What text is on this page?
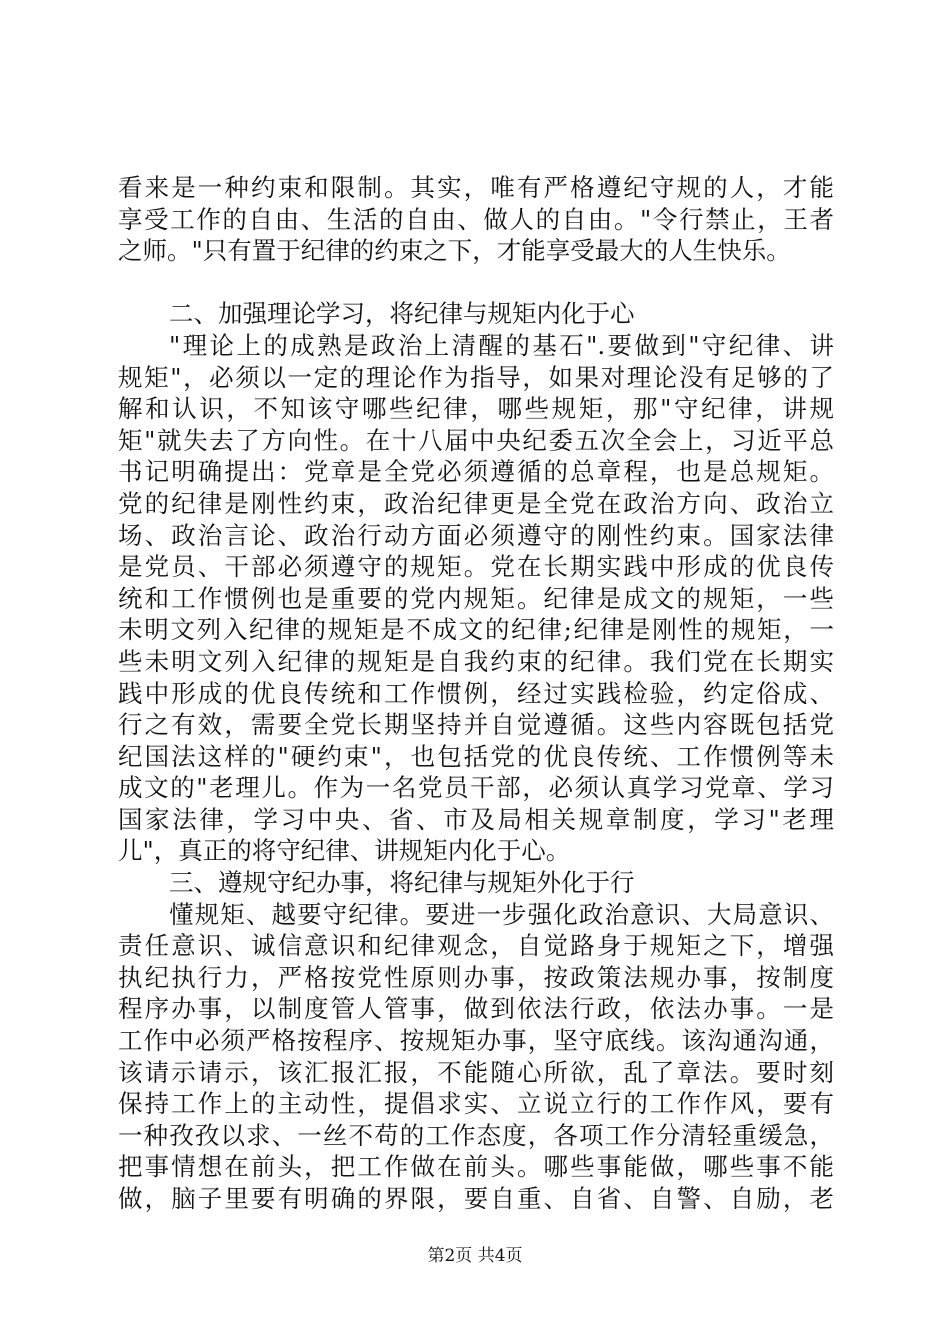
看来是一种约束和限制。其实，唯有严格遵纪守规的人，才能
享受工作的自由、生活的自由、做人的自由。"令行禁止，王者
之师。"只有置于纪律的约束之下，才能享受最大的人生快乐。
二、加强理论学习，将纪律与规矩内化于心
"理论上的成熟是政治上清醒的基石".要做到"守纪律、讲
规矩"，必须以一定的理论作为指导，如果对理论没有足够的了
解和认识，不知该守哪些纪律，哪些规矩，那"守纪律，讲规
矩"就失去了方向性。在十八届中央纪委五次全会上，习近平总
书记明确提出：党章是全党必须遵循的总章程，也是总规矩。
党的纪律是刚性约束，政治纪律更是全党在政治方向、政治立
场、政治言论、政治行动方面必须遵守的刚性约束。国家法律
是党员、干部必须遵守的规矩。党在长期实践中形成的优良传
统和工作惯例也是重要的党内规矩。纪律是成文的规矩，一些
未明文列入纪律的规矩是不成文的纪律;纪律是刚性的规矩，一
些未明文列入纪律的规矩是自我约束的纪律。我们党在长期实
践中形成的优良传统和工作惯例，经过实践检验，约定俗成、
行之有效，需要全党长期坚持并自觉遵循。这些内容既包括党
纪国法这样的"硬约束"，也包括党的优良传统、工作惯例等未
成文的"老理儿。作为一名党员干部，必须认真学习党章、学习
国家法律，学习中央、省、市及局相关规章制度，学习"老理
儿"，真正的将守纪律、讲规矩内化于心。
三、遵规守纪办事，将纪律与规矩外化于行
懂规矩、越要守纪律。要进一步强化政治意识、大局意识、
责任意识、诚信意识和纪律观念，自觉路身于规矩之下，增强
执纪执行力，严格按党性原则办事，按政策法规办事，按制度
程序办事，以制度管人管事，做到依法行政，依法办事。一是
工作中必须严格按程序、按规矩办事，坚守底线。该沟通沟通，
该请示请示，该汇报汇报，不能随心所欲，乱了章法。要时刻
保持工作上的主动性，提倡求实、立说立行的工作作风，要有
一种孜孜以求、一丝不苟的工作态度，各项工作分清轻重缓急，
把事情想在前头，把工作做在前头。哪些事能做，哪些事不能
做，脑子里要有明确的界限，要自重、自省、自警、自励，老
第2页 共4页
